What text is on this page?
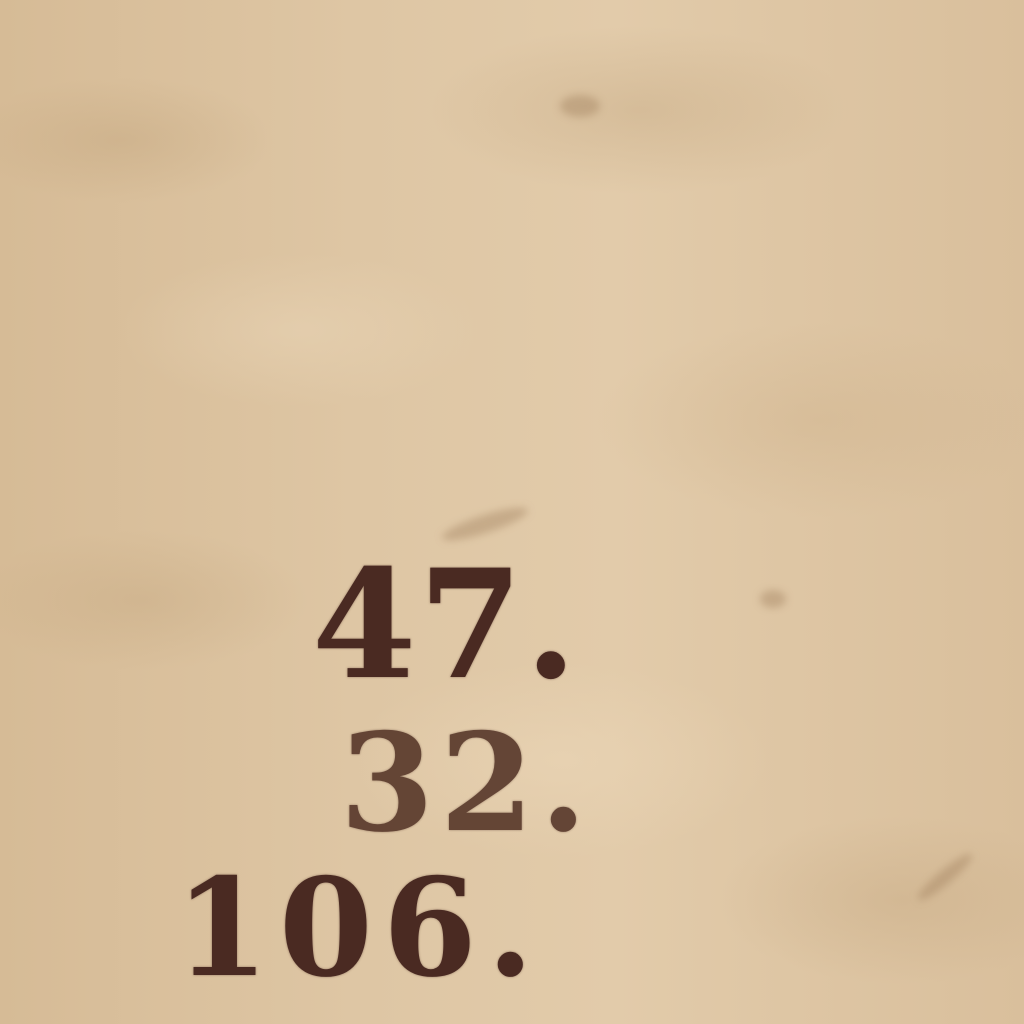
47.
32.
106.
